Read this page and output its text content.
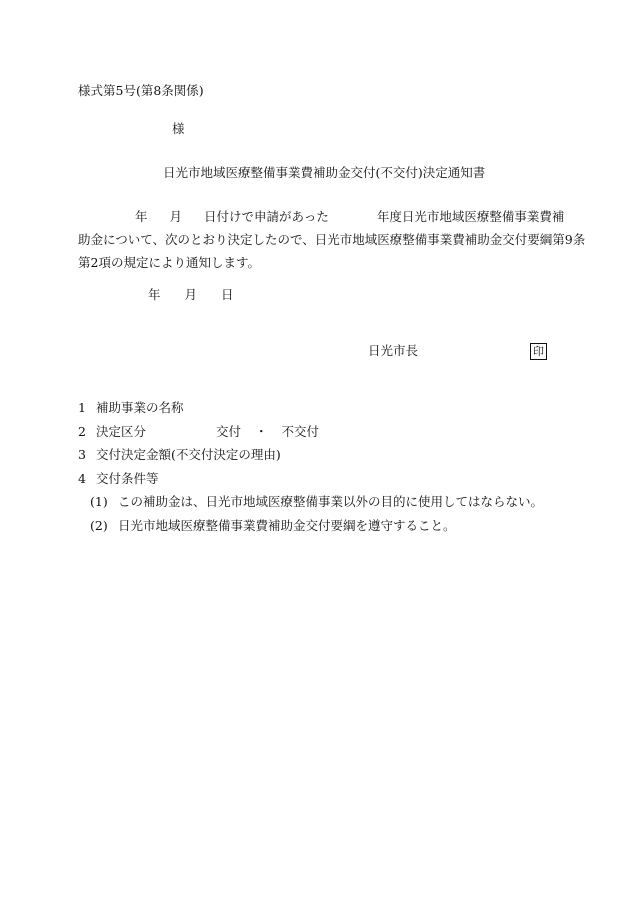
様式第5号(第8条関係)
様
日光市地域医療整備事業費補助金交付(不交付)決定通知書
年 月 日付けで申請があった	年度日光市地域医療整備事業費補
助金について、次のとおり決定したので、日光市地域医療整備事業費補助金交付要綱第9条
第2項の規定により通知します。
年 月 日
日光市長	印
1 補助事業の名称
2 決定区分	交付 ・ 不交付
3 交付決定金額(不交付決定の理由)
4 交付条件等
(1) この補助金は、日光市地域医療整備事業以外の目的に使用してはならない。
(2) 日光市地域医療整備事業費補助金交付要綱を遵守すること。
